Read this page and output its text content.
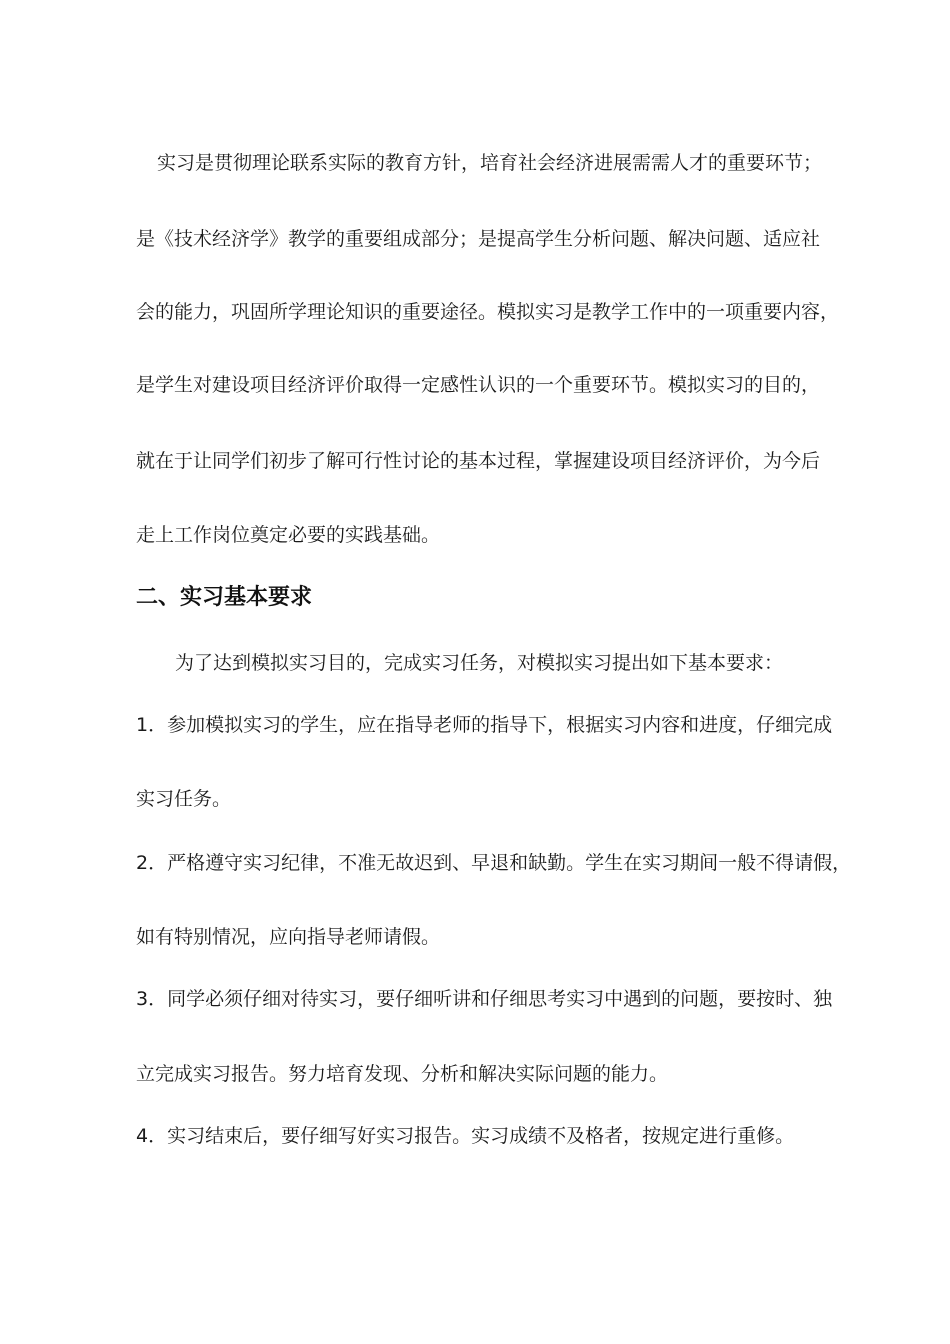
实习是贯彻理论联系实际的教育方针，培育社会经济进展需需人才的重要环节；
是《技术经济学》教学的重要组成部分；是提高学生分析问题、解决问题、适应社
会的能力，巩固所学理论知识的重要途径。模拟实习是教学工作中的一项重要内容，
是学生对建设项目经济评价取得一定感性认识的一个重要环节。模拟实习的目的，
就在于让同学们初步了解可行性讨论的基本过程，掌握建设项目经济评价，为今后
走上工作岗位奠定必要的实践基础。
二、实习基本要求
为了达到模拟实习目的，完成实习任务，对模拟实习提出如下基本要求：
1．参加模拟实习的学生，应在指导老师的指导下，根据实习内容和进度，仔细完成
实习任务。
2．严格遵守实习纪律，不准无故迟到、早退和缺勤。学生在实习期间一般不得请假，
如有特别情况，应向指导老师请假。
3．同学必须仔细对待实习，要仔细听讲和仔细思考实习中遇到的问题，要按时、独
立完成实习报告。努力培育发现、分析和解决实际问题的能力。
4．实习结束后，要仔细写好实习报告。实习成绩不及格者，按规定进行重修。
